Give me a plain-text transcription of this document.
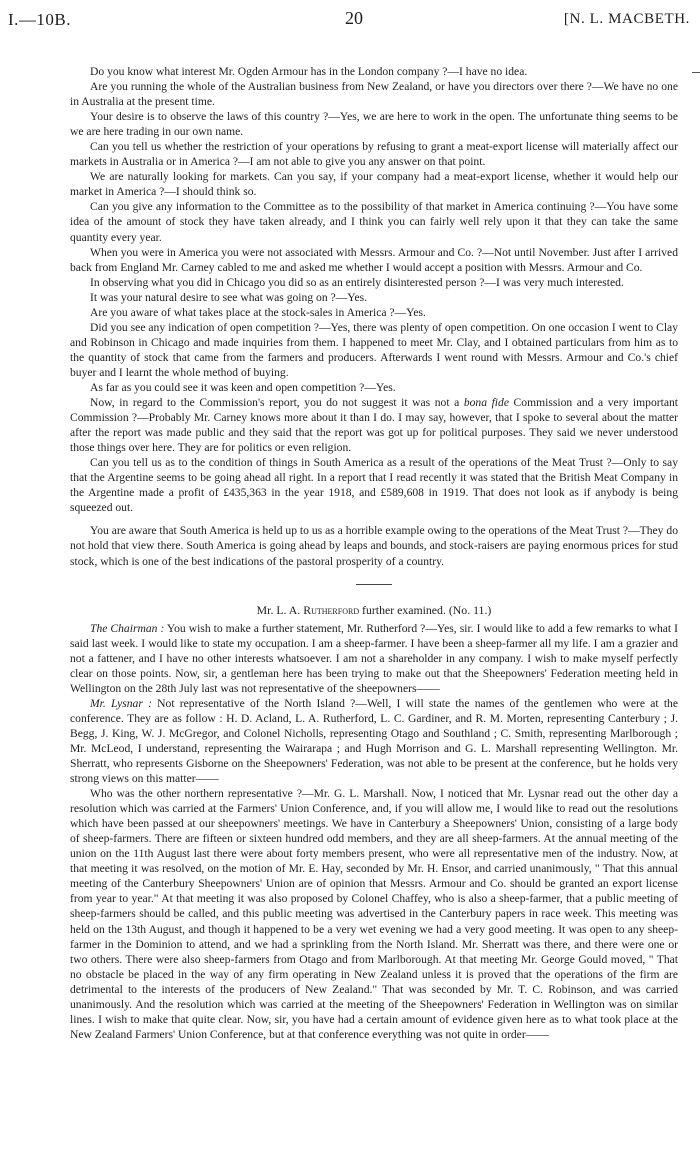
I.—10B.	20	[N. L. MACBETH.

Do you know what interest Mr. Ogden Armour has in the London company ?—I have no idea.

Are you running the whole of the Australian business from New Zealand, or have you directors over there ?—We have no one in Australia at the present time.

Your desire is to observe the laws of this country ?—Yes, we are here to work in the open. The unfortunate thing seems to be we are here trading in our own name.

Can you tell us whether the restriction of your operations by refusing to grant a meat-export license will materially affect our markets in Australia or in America ?—I am not able to give you any answer on that point.

We are naturally looking for markets. Can you say, if your company had a meat-export license, whether it would help our market in America ?—I should think so.

Can you give any information to the Committee as to the possibility of that market in America continuing ?—You have some idea of the amount of stock they have taken already, and I think you can fairly well rely upon it that they can take the same quantity every year.

When you were in America you were not associated with Messrs. Armour and Co. ?—Not until November. Just after I arrived back from England Mr. Carney cabled to me and asked me whether I would accept a position with Messrs. Armour and Co.

In observing what you did in Chicago you did so as an entirely disinterested person ?—I was very much interested.

It was your natural desire to see what was going on ?—Yes.

Are you aware of what takes place at the stock-sales in America ?—Yes.

Did you see any indication of open competition ?—Yes, there was plenty of open competition. On one occasion I went to Clay and Robinson in Chicago and made inquiries from them. I happened to meet Mr. Clay, and I obtained particulars from him as to the quantity of stock that came from the farmers and producers. Afterwards I went round with Messrs. Armour and Co.'s chief buyer and I learnt the whole method of buying.

As far as you could see it was keen and open competition ?—Yes.

Now, in regard to the Commission's report, you do not suggest it was not a bona fide Commission and a very important Commission ?—Probably Mr. Carney knows more about it than I do. I may say, however, that I spoke to several about the matter after the report was made public and they said that the report was got up for political purposes. They said we never understood those things over here. They are for politics or even religion.

Can you tell us as to the condition of things in South America as a result of the operations of the Meat Trust ?—Only to say that the Argentine seems to be going ahead all right. In a report that I read recently it was stated that the British Meat Company in the Argentine made a profit of £435,363 in the year 1918, and £589,608 in 1919. That does not look as if anybody is being squeezed out.

You are aware that South America is held up to us as a horrible example owing to the operations of the Meat Trust ?—They do not hold that view there. South America is going ahead by leaps and bounds, and stock-raisers are paying enormous prices for stud stock, which is one of the best indications of the pastoral prosperity of a country.

Mr. L. A. Rutherford further examined. (No. 11.)

The Chairman : You wish to make a further statement, Mr. Rutherford ?—Yes, sir. I would like to add a few remarks to what I said last week. I would like to state my occupation. I am a sheep-farmer. I have been a sheep-farmer all my life. I am a grazier and not a fattener, and I have no other interests whatsoever. I am not a shareholder in any company. I wish to make myself perfectly clear on those points. Now, sir, a gentleman here has been trying to make out that the Sheepowners' Federation meeting held in Wellington on the 28th July last was not representative of the sheepowners——

Mr. Lysnar : Not representative of the North Island ?—Well, I will state the names of the gentlemen who were at the conference. They are as follow : H. D. Acland, L. A. Rutherford, L. C. Gardiner, and R. M. Morten, representing Canterbury ; J. Begg, J. King, W. J. McGregor, and Colonel Nicholls, representing Otago and Southland ; C. Smith, representing Marlborough ; Mr. McLeod, I understand, representing the Wairarapa ; and Hugh Morrison and G. L. Marshall representing Wellington. Mr. Sherratt, who represents Gisborne on the Sheepowners' Federation, was not able to be present at the conference, but he holds very strong views on this matter——

Who was the other northern representative ?—Mr. G. L. Marshall. Now, I noticed that Mr. Lysnar read out the other day a resolution which was carried at the Farmers' Union Conference, and, if you will allow me, I would like to read out the resolutions which have been passed at our sheepowners' meetings. We have in Canterbury a Sheepowners' Union, consisting of a large body of sheep-farmers. There are fifteen or sixteen hundred odd members, and they are all sheep-farmers. At the annual meeting of the union on the 11th August last there were about forty members present, who were all representative men of the industry. Now, at that meeting it was resolved, on the motion of Mr. E. Hay, seconded by Mr. H. Ensor, and carried unanimously, " That this annual meeting of the Canterbury Sheepowners' Union are of opinion that Messrs. Armour and Co. should be granted an export license from year to year." At that meeting it was also proposed by Colonel Chaffey, who is also a sheep-farmer, that a public meeting of sheep-farmers should be called, and this public meeting was advertised in the Canterbury papers in race week. This meeting was held on the 13th August, and though it happened to be a very wet evening we had a very good meeting. It was open to any sheep-farmer in the Dominion to attend, and we had a sprinkling from the North Island. Mr. Sherratt was there, and there were one or two others. There were also sheep-farmers from Otago and from Marlborough. At that meeting Mr. George Gould moved, " That no obstacle be placed in the way of any firm operating in New Zealand unless it is proved that the operations of the firm are detrimental to the interests of the producers of New Zealand." That was seconded by Mr. T. C. Robinson, and was carried unanimously. And the resolution which was carried at the meeting of the Sheepowners' Federation in Wellington was on similar lines. I wish to make that quite clear. Now, sir, you have had a certain amount of evidence given here as to what took place at the New Zealand Farmers' Union Conference, but at that conference everything was not quite in order——
